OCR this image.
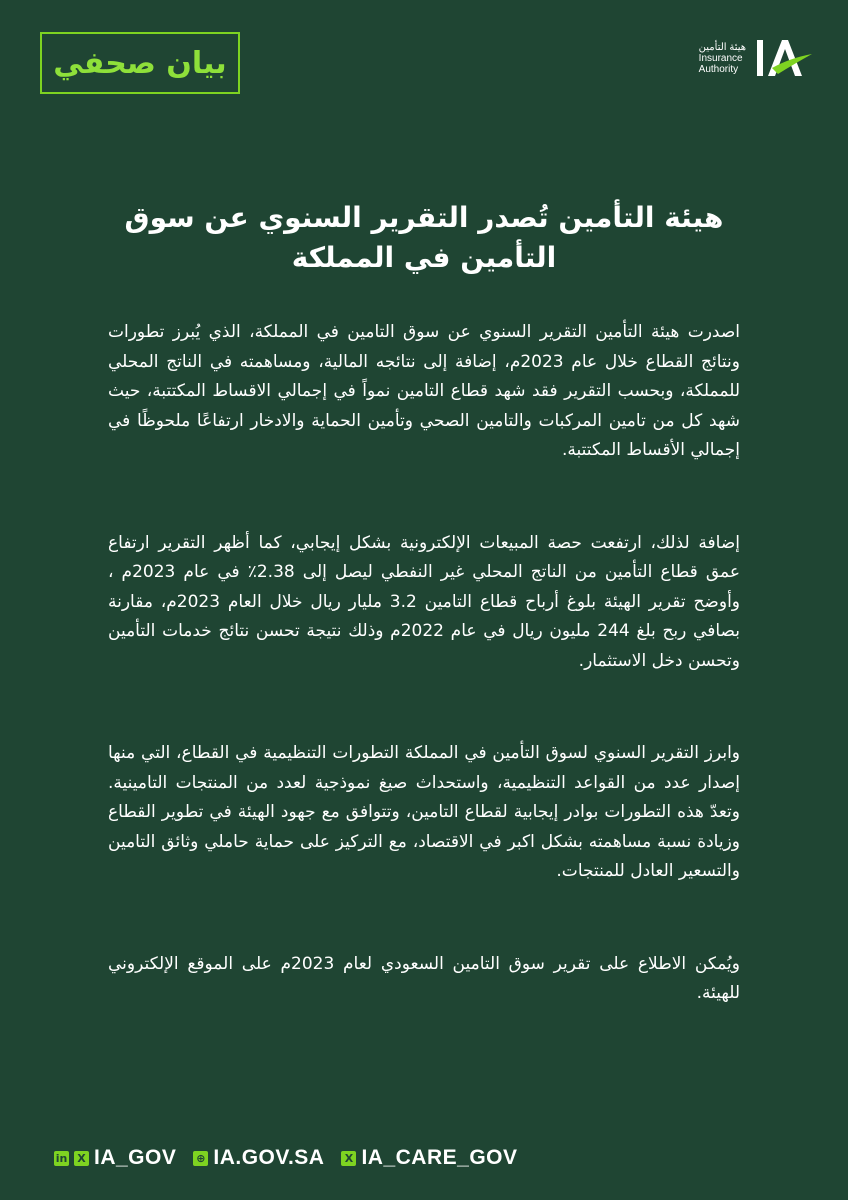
بيان صحفي	هيئة التأمين
Insurance
Authority
هيئة التأمين تُصدر التقرير السنوي عن سوق
التأمين في المملكة

اصدرت هيئة التأمين التقرير السنوي عن سوق التامين في المملكة، الذي يُبرز تطورات ونتائج القطاع خلال عام 2023م، إضافة إلى نتائجه المالية، ومساهمته في الناتج المحلي للمملكة، وبحسب التقرير فقد شهد قطاع التامين نمواً في إجمالي الاقساط المكتتبة، حيث شهد كل من تامين المركبات والتامين الصحي وتأمين الحماية والادخار ارتفاعًا ملحوظًا في إجمالي الأقساط المكتتبة.

إضافة لذلك، ارتفعت حصة المبيعات الإلكترونية بشكل إيجابي، كما أظهر التقرير ارتفاع عمق قطاع التأمين من الناتج المحلي غير النفطي ليصل إلى 2.38٪ في عام 2023م ، وأوضح تقرير الهيئة بلوغ أرباح قطاع التامين 3.2 مليار ريال خلال العام 2023م، مقارنة بصافي ربح بلغ 244 مليون ريال في عام 2022م وذلك نتيجة تحسن نتائج خدمات التأمين وتحسن دخل الاستثمار.

وابرز التقرير السنوي لسوق التأمين في المملكة التطورات التنظيمية في القطاع، التي منها إصدار عدد من القواعد التنظيمية، واستحداث صيغ نموذجية لعدد من المنتجات التامينية. وتعدّ هذه التطورات بوادر إيجابية لقطاع التامين، وتتوافق مع جهود الهيئة في تطوير القطاع وزيادة نسبة مساهمته بشكل اكبر في الاقتصاد، مع التركيز على حماية حاملي وثائق التامين والتسعير العادل للمنتجات.

ويُمكن الاطلاع على تقرير سوق التامين السعودي لعام 2023م على الموقع الإلكتروني للهيئة.

in X IA_GOV ⊕ IA.GOV.SA X IA_CARE_GOV
